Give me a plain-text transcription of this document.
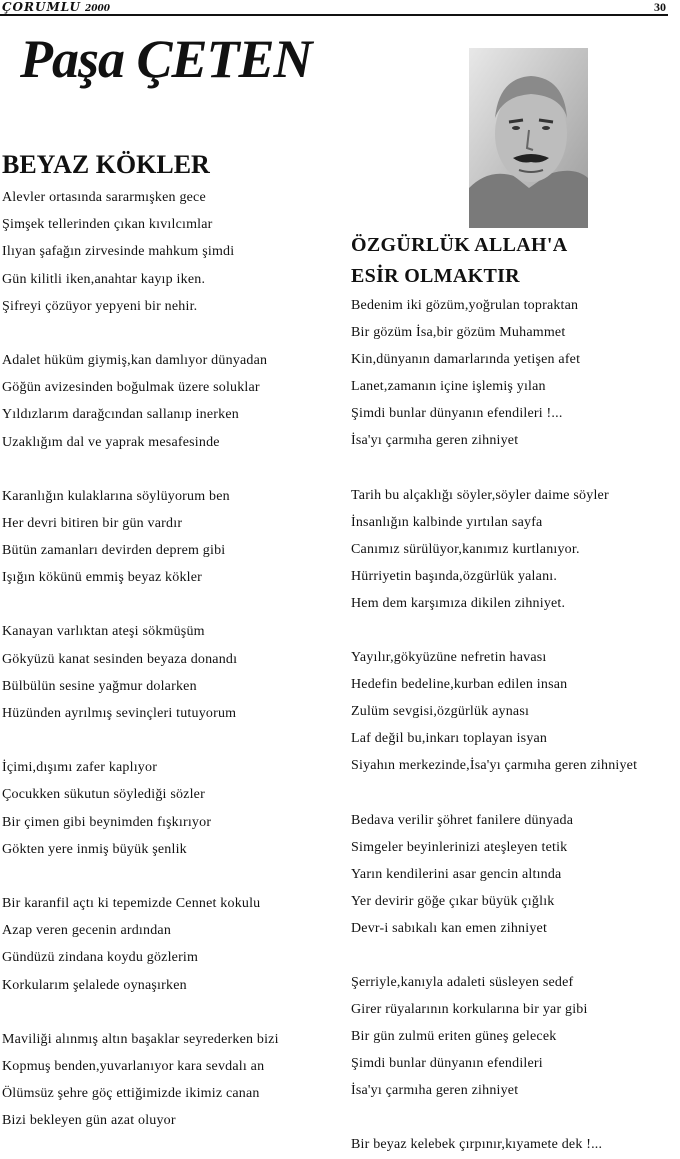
ÇORUMLU 2000	30
Paşa ÇETEN
BEYAZ KÖKLER
Alevler ortasında sararmışken gece
Şimşek tellerinden çıkan kıvılcımlar
Ilıyan şafağın zirvesinde mahkum şimdi
Gün kilitli iken,anahtar kayıp iken.
Şifreyi çözüyor yepyeni bir nehir.
Adalet hüküm giymiş,kan damlıyor dünyadan
Göğün avizesinden boğulmak üzere soluklar
Yıldızlarım darağcından sallanıp inerken
Uzaklığım dal ve yaprak mesafesinde
Karanlığın kulaklarına söylüyorum ben
Her devri bitiren bir gün vardır
Bütün zamanları devirden deprem gibi
Işığın kökünü emmiş beyaz kökler
Kanayan varlıktan ateşi sökmüşüm
Gökyüzü kanat sesinden beyaza donandı
Bülbülün sesine yağmur dolarken
Hüzünden ayrılmış sevinçleri tutuyorum
İçimi,dışımı zafer kaplıyor
Çocukken sükutun söylediği sözler
Bir çimen gibi beynimden fışkırıyor
Gökten yere inmiş büyük şenlik
Bir karanfil açtı ki tepemizde Cennet kokulu
Azap veren gecenin ardından
Gündüzü zindana koydu gözlerim
Korkularım şelalede oynaşırken
Maviliği alınmış altın başaklar seyrederken bizi
Kopmuş benden,yuvarlanıyor kara sevdalı an
Ölümsüz şehre göç ettiğimizde ikimiz canan
Bizi bekleyen gün azat oluyor
ÖZGÜRLÜK ALLAH'A
ESİR OLMAKTIR
Bedenim iki gözüm,yoğrulan topraktan
Bir gözüm İsa,bir gözüm Muhammet
Kin,dünyanın damarlarında yetişen afet
Lanet,zamanın içine işlemiş yılan
Şimdi bunlar dünyanın efendileri !...
İsa'yı çarmıha geren zihniyet
Tarih bu alçaklığı söyler,söyler daime söyler
İnsanlığın kalbinde yırtılan sayfa
Canımız sürülüyor,kanımız kurtlanıyor.
Hürriyetin başında,özgürlük yalanı.
Hem dem karşımıza dikilen zihniyet.
Yayılır,gökyüzüne nefretin havası
Hedefin bedeline,kurban edilen insan
Zulüm sevgisi,özgürlük aynası
Laf değil bu,inkarı toplayan isyan
Siyahın merkezinde,İsa'yı çarmıha geren zihniyet
Bedava verilir şöhret fanilere dünyada
Simgeler beyinlerinizi ateşleyen tetik
Yarın kendilerini asar gencin altında
Yer devirir göğe çıkar büyük çığlık
Devr-i sabıkalı kan emen zihniyet
Şerriyle,kanıyla adaleti süsleyen sedef
Girer rüyalarının korkularına bir yar gibi
Bir gün zulmü eriten güneş gelecek
Şimdi bunlar dünyanın efendileri
İsa'yı çarmıha geren zihniyet
Bir beyaz kelebek çırpınır,kıyamete dek !...
